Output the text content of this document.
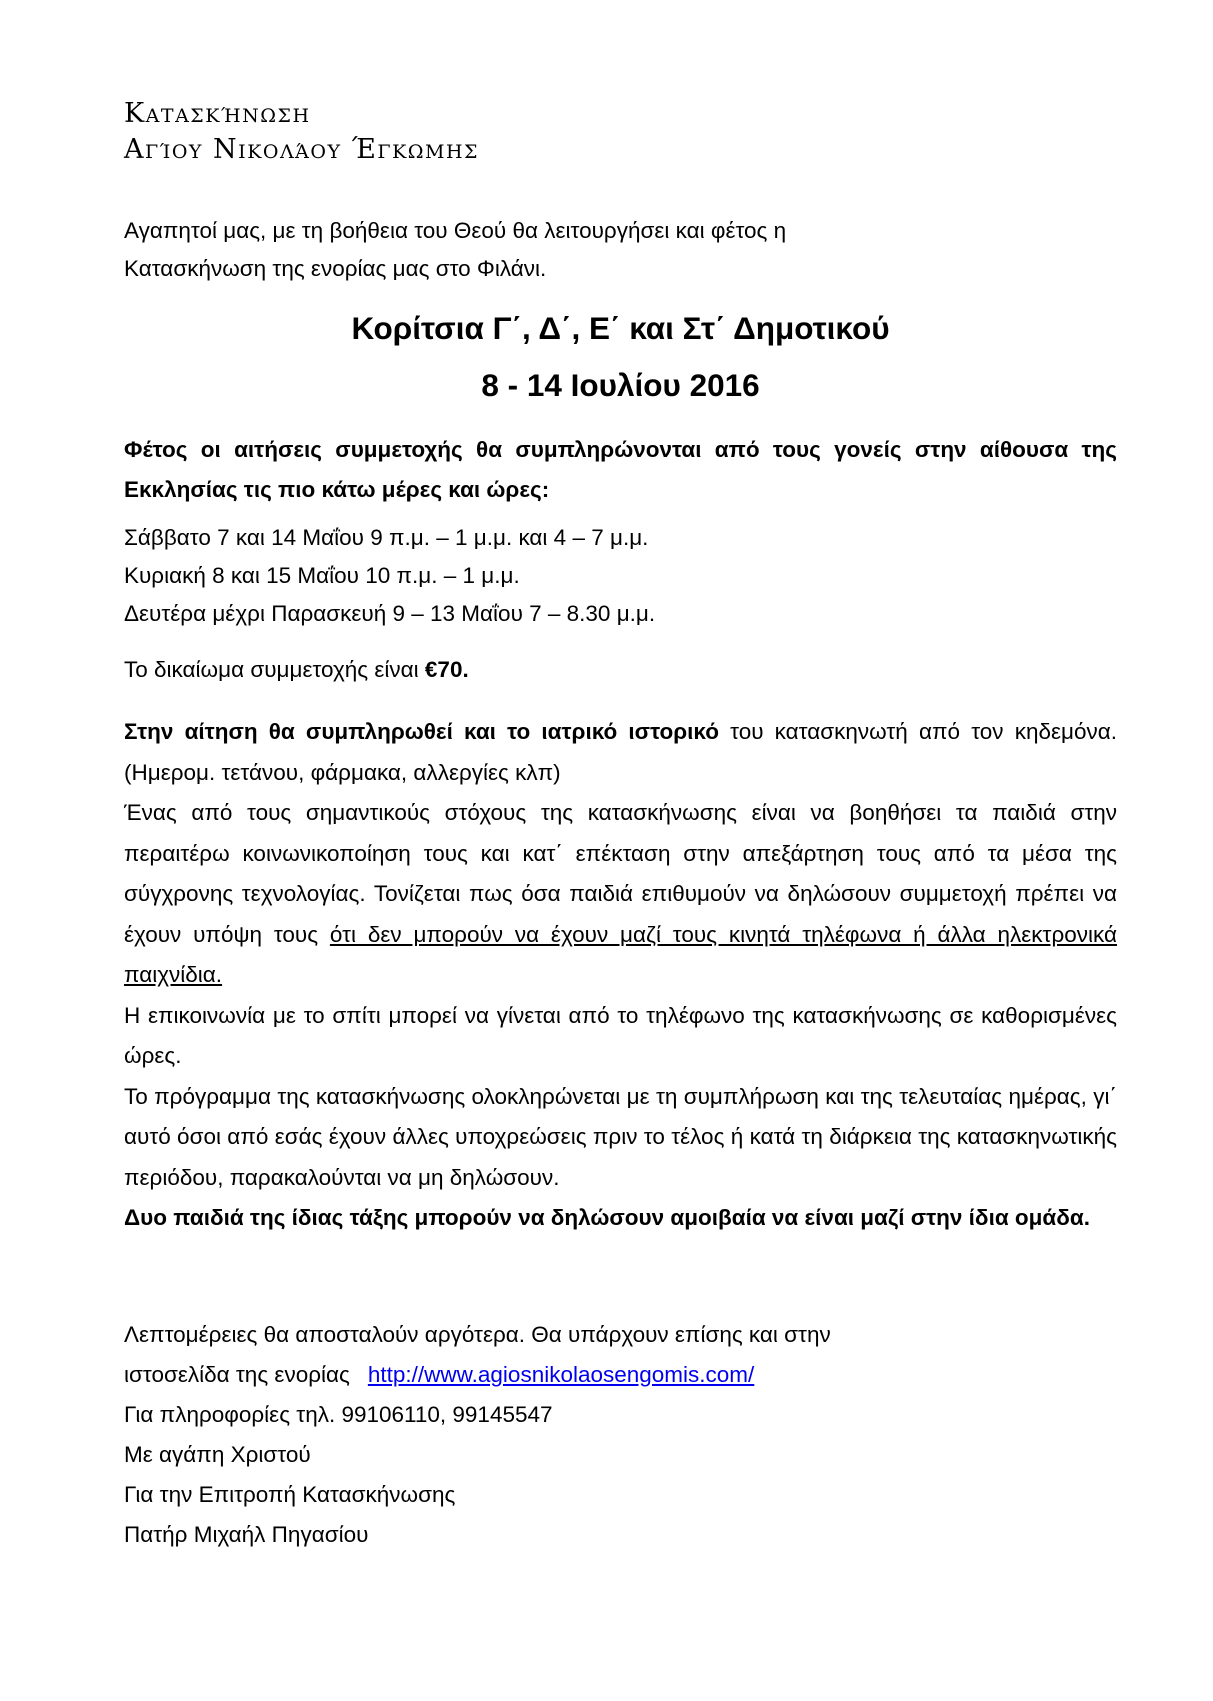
Κατασκήνωση
Αγίου Νικολάου Έγκωμης
Αγαπητοί μας, με τη βοήθεια του Θεού θα λειτουργήσει και φέτος η
Κατασκήνωση της ενορίας μας στο Φιλάνι.
Κορίτσια Γ΄, Δ΄, Ε΄ και Στ΄ Δημοτικού
8 - 14 Ιουλίου 2016
Φέτος οι αιτήσεις συμμετοχής θα συμπληρώνονται από τους γονείς στην αίθουσα της Εκκλησίας τις πιο κάτω μέρες και ώρες:
Σάββατο 7 και 14 Μαΐου 9 π.μ. – 1 μ.μ. και 4 – 7 μ.μ.
Κυριακή 8 και 15 Μαΐου 10 π.μ. – 1 μ.μ.
Δευτέρα μέχρι Παρασκευή 9 – 13 Μαΐου 7 – 8.30 μ.μ.
Το δικαίωμα συμμετοχής είναι €70.

Στην αίτηση θα συμπληρωθεί και το ιατρικό ιστορικό του κατασκηνωτή από τον κηδεμόνα. (Ημερομ. τετάνου, φάρμακα, αλλεργίες κλπ)

Ένας από τους σημαντικούς στόχους της κατασκήνωσης είναι να βοηθήσει τα παιδιά στην περαιτέρω κοινωνικοποίηση τους και κατ΄ επέκταση στην απεξάρτηση τους από τα μέσα της σύγχρονης τεχνολογίας. Τονίζεται πως όσα παιδιά επιθυμούν να δηλώσουν συμμετοχή πρέπει να έχουν υπόψη τους ότι δεν μπορούν να έχουν μαζί τους κινητά τηλέφωνα ή άλλα ηλεκτρονικά παιχνίδια.

Η επικοινωνία με το σπίτι μπορεί να γίνεται από το τηλέφωνο της κατασκήνωσης σε καθορισμένες ώρες.

Το πρόγραμμα της κατασκήνωσης ολοκληρώνεται με τη συμπλήρωση και της τελευταίας ημέρας, γι΄ αυτό όσοι από εσάς έχουν άλλες υποχρεώσεις πριν το τέλος ή κατά τη διάρκεια της κατασκηνωτικής περιόδου, παρακαλούνται να μη δηλώσουν.

Δυο παιδιά της ίδιας τάξης μπορούν να δηλώσουν αμοιβαία να είναι μαζί στην ίδια ομάδα.

Λεπτομέρειες θα αποσταλούν αργότερα. Θα υπάρχουν επίσης και στην
ιστοσελίδα της ενορίας http://www.agiosnikolaosengomis.com/
Για πληροφορίες τηλ. 99106110, 99145547
Με αγάπη Χριστού
Για την Επιτροπή Κατασκήνωσης
Πατήρ Μιχαήλ Πηγασίου
